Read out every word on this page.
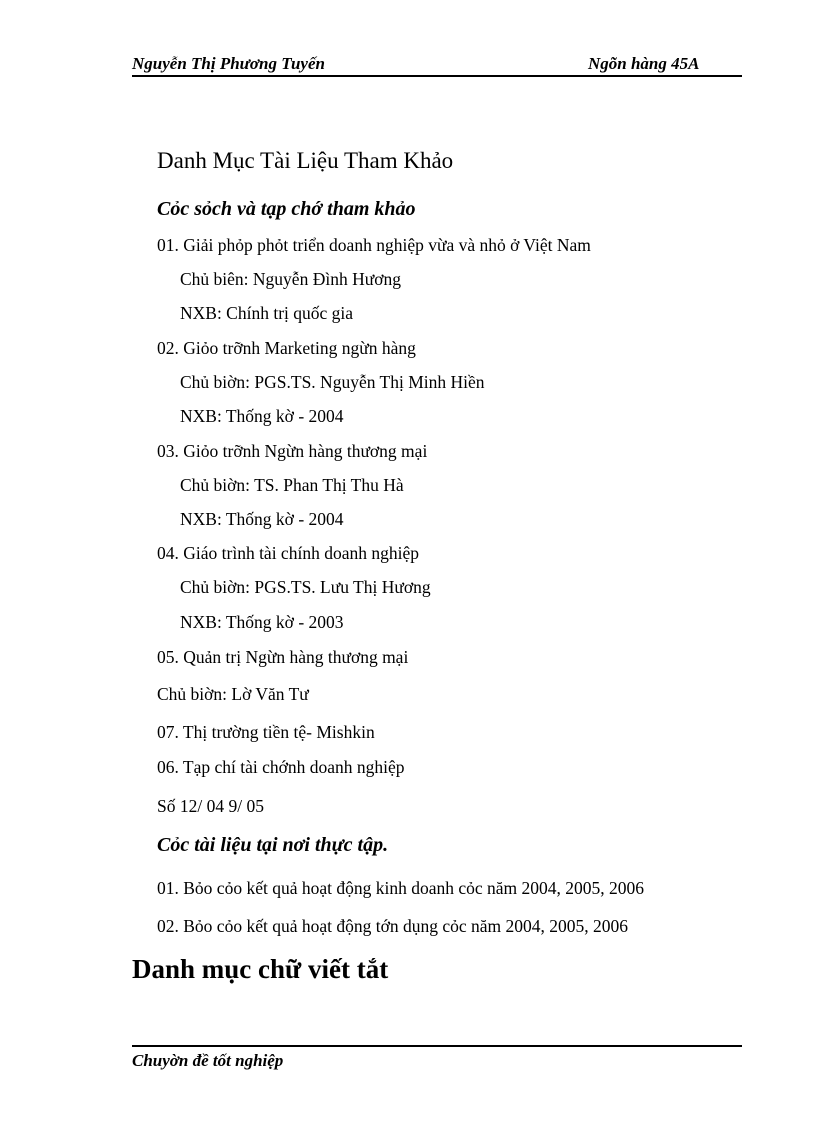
Nguyễn Thị Phương Tuyến	Ngõn hàng 45A
Danh Mục Tài Liệu Tham Khảo
Cỏc sỏch và tạp chớ tham khảo
01. Giải phỏp phỏt triển doanh nghiệp vừa và nhỏ ở Việt Nam
Chủ biên: Nguyễn Đình Hương
NXB: Chính trị quốc gia
02. Giỏo trỡnh Marketing ngừn hàng
Chủ biờn: PGS.TS. Nguyễn Thị Minh Hiền
NXB: Thống kờ - 2004
03. Giỏo trỡnh Ngừn hàng thương mại
Chủ biờn: TS. Phan Thị Thu Hà
NXB: Thống kờ - 2004
04. Giáo trình tài chính doanh nghiệp
Chủ biờn: PGS.TS. Lưu Thị Hương
NXB: Thống kờ - 2003
05. Quản trị Ngừn hàng thương mại
Chủ biờn: Lờ Văn Tư
07. Thị trường tiền tệ- Mishkin
06. Tạp chí tài chớnh doanh nghiệp
Số 12/ 04 9/ 05
Cỏc tài liệu tại nơi thực tập.
01. Bỏo cỏo kết quả hoạt động kinh doanh cỏc năm 2004, 2005, 2006
02. Bỏo cỏo kết quả hoạt động tớn dụng cỏc năm 2004, 2005, 2006
Danh mục chữ viết tắt
Chuyờn đề tốt nghiệp
